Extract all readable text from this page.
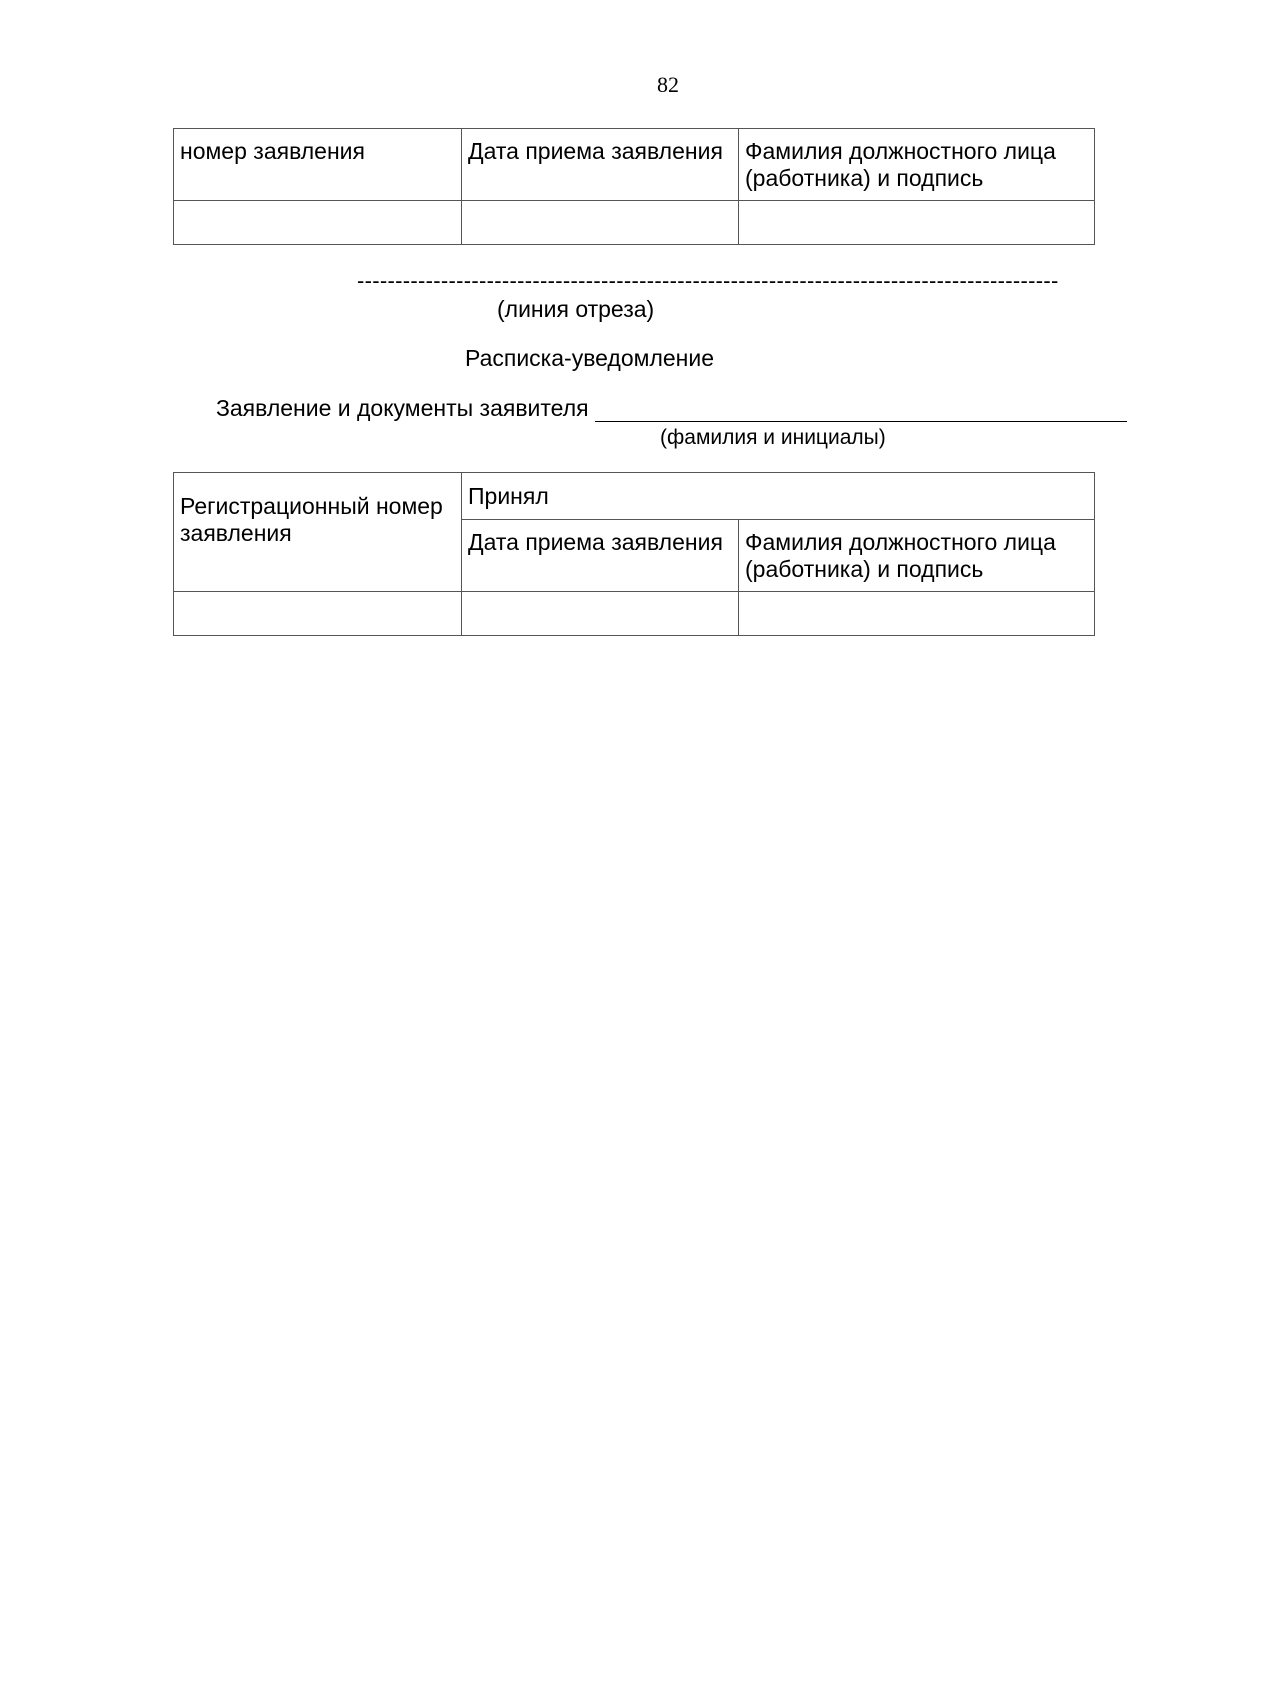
82
номер заявления	Дата приема заявления	Фамилия должностного лица (работника) и подпись

--------------------------------------------------------------------------------------------
(линия отреза)
Расписка-уведомление
Заявление и документы заявителя
(фамилия и инициалы)
Регистрационный номер заявления	Принял	
	Дата приема заявления	Фамилия должностного лица (работника) и подпись
